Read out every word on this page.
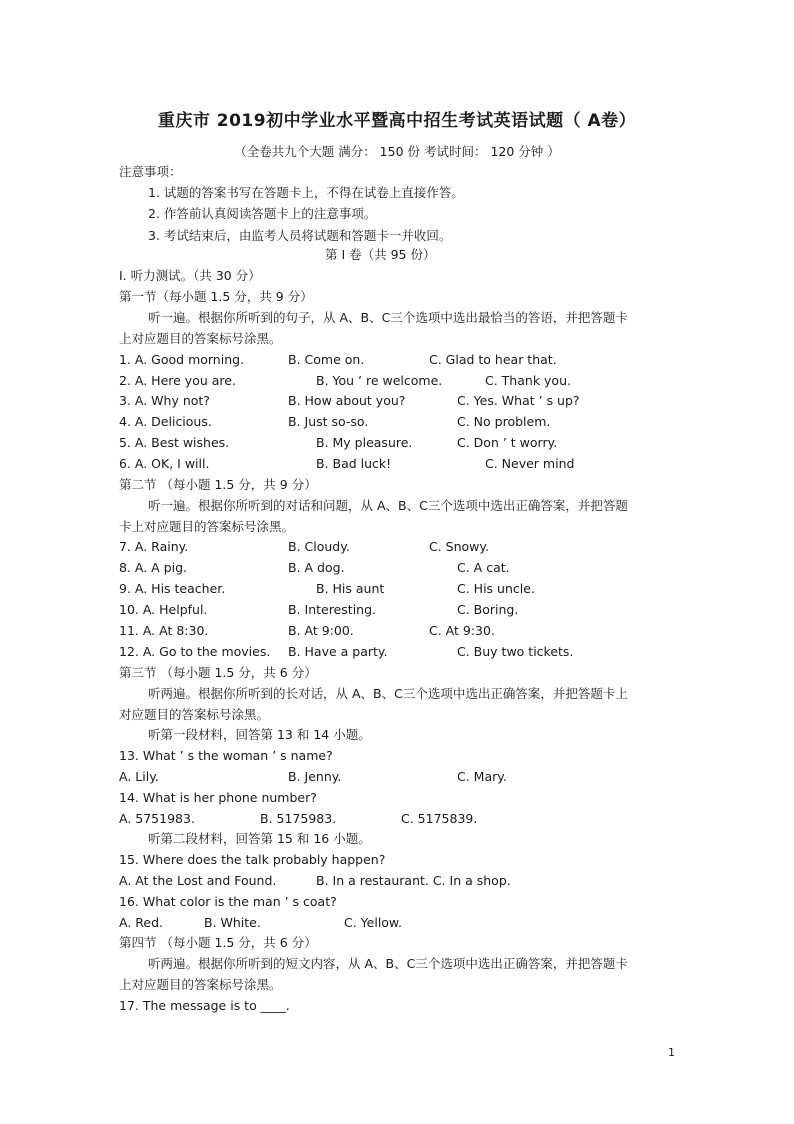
重庆市 2019初中学业水平暨高中招生考试英语试题（ A卷）
（全卷共九个大题 满分： 150 份 考试时间： 120 分钟 ）
注意事项：
1. 试题的答案书写在答题卡上，不得在试卷上直接作答。
2. 作答前认真阅读答题卡上的注意事项。
3. 考试结束后，由监考人员将试题和答题卡一并收回。
第 Ⅰ 卷（共 95 份）
I. 听力测试。（共 30 分）
第一节（每小题 1.5 分，共 9 分）
听一遍。根据你所听到的句子，从 A、B、C三个选项中选出最恰当的答语，并把答题卡
上对应题目的答案标号涂黑。
1. A. Good morning.	B. Come on.	C. Glad to hear that.
2. A. Here you are.	B. You ’ re welcome.	C. Thank you.
3. A. Why not?	B. How about you?	C. Yes. What ’ s up?
4. A. Delicious.	B. Just so-so.	C. No problem.
5. A. Best wishes.	B. My pleasure.	C. Don ’ t worry.
6. A. OK, I will.	B. Bad luck!	C. Never mind
第二节 （每小题 1.5 分，共 9 分）
听一遍。根据你所听到的对话和问题，从 A、B、C三个选项中选出正确答案，并把答题
卡上对应题目的答案标号涂黑。
7. A. Rainy.	B. Cloudy.	C. Snowy.
8. A. A pig.	B. A dog.	C. A cat.
9. A. His teacher.	B. His aunt	C. His uncle.
10. A. Helpful.	B. Interesting.	C. Boring.
11. A. At 8:30.	B. At 9:00.	C. At 9:30.
12. A. Go to the movies. B. Have a party.	C. Buy two tickets.
第三节 （每小题 1.5 分，共 6 分）
听两遍。根据你所听到的长对话，从 A、B、C三个选项中选出正确答案，并把答题卡上
对应题目的答案标号涂黑。
听第一段材料，回答第 13 和 14 小题。
13. What ’ s the woman ’ s name?
A. Lily.	B. Jenny.	C. Mary.
14. What is her phone number?
A. 5751983.	B. 5175983.	C. 5175839.
听第二段材料，回答第 15 和 16 小题。
15. Where does the talk probably happen?
A. At the Lost and Found.	B. In a restaurant. C. In a shop.
16. What color is the man ’ s coat?
A. Red.	B. White.	C. Yellow.
第四节 （每小题 1.5 分，共 6 分）
听两遍。根据你所听到的短文内容，从 A、B、C三个选项中选出正确答案，并把答题卡
上对应题目的答案标号涂黑。
17. The message is to ____.
1
